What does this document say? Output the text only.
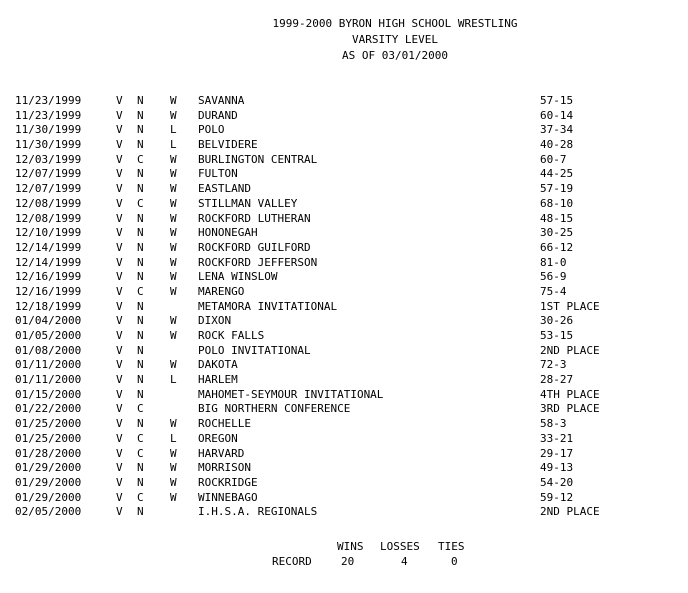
1999-2000 BYRON HIGH SCHOOL WRESTLING
VARSITY LEVEL
AS OF 03/01/2000
11/23/1999	V N W SAVANNA	57-15
11/23/1999	V N W DURAND	60-14
11/30/1999	V N L POLO	37-34
11/30/1999	V N L BELVIDERE	40-28
12/03/1999	V C W BURLINGTON CENTRAL	60-7
12/07/1999	V N W FULTON	44-25
12/07/1999	V N W EASTLAND	57-19
12/08/1999	V C W STILLMAN VALLEY	68-10
12/08/1999	V N W ROCKFORD LUTHERAN	48-15
12/10/1999	V N W HONONEGAH	30-25
12/14/1999	V N W ROCKFORD GUILFORD	66-12
12/14/1999	V N W ROCKFORD JEFFERSON	81-0
12/16/1999	V N W LENA WINSLOW	56-9
12/16/1999	V C W MARENGO	75-4
12/18/1999	V N	METAMORA INVITATIONAL	1ST PLACE
01/04/2000	V N W DIXON	30-26
01/05/2000	V N W ROCK FALLS	53-15
01/08/2000	V N	POLO INVITATIONAL	2ND PLACE
01/11/2000	V N W DAKOTA	72-3
01/11/2000	V N L HARLEM	28-27
01/15/2000	V N	MAHOMET-SEYMOUR INVITATIONAL	4TH PLACE
01/22/2000	V C	BIG NORTHERN CONFERENCE	3RD PLACE
01/25/2000	V N W ROCHELLE	58-3
01/25/2000	V C L OREGON	33-21
01/28/2000	V C W HARVARD	29-17
01/29/2000	V N W MORRISON	49-13
01/29/2000	V N W ROCKRIDGE	54-20
01/29/2000	V C W WINNEBAGO	59-12
02/05/2000	V N	I.H.S.A. REGIONALS	2ND PLACE
WINS LOSSES TIES
RECORD	20	4	0
